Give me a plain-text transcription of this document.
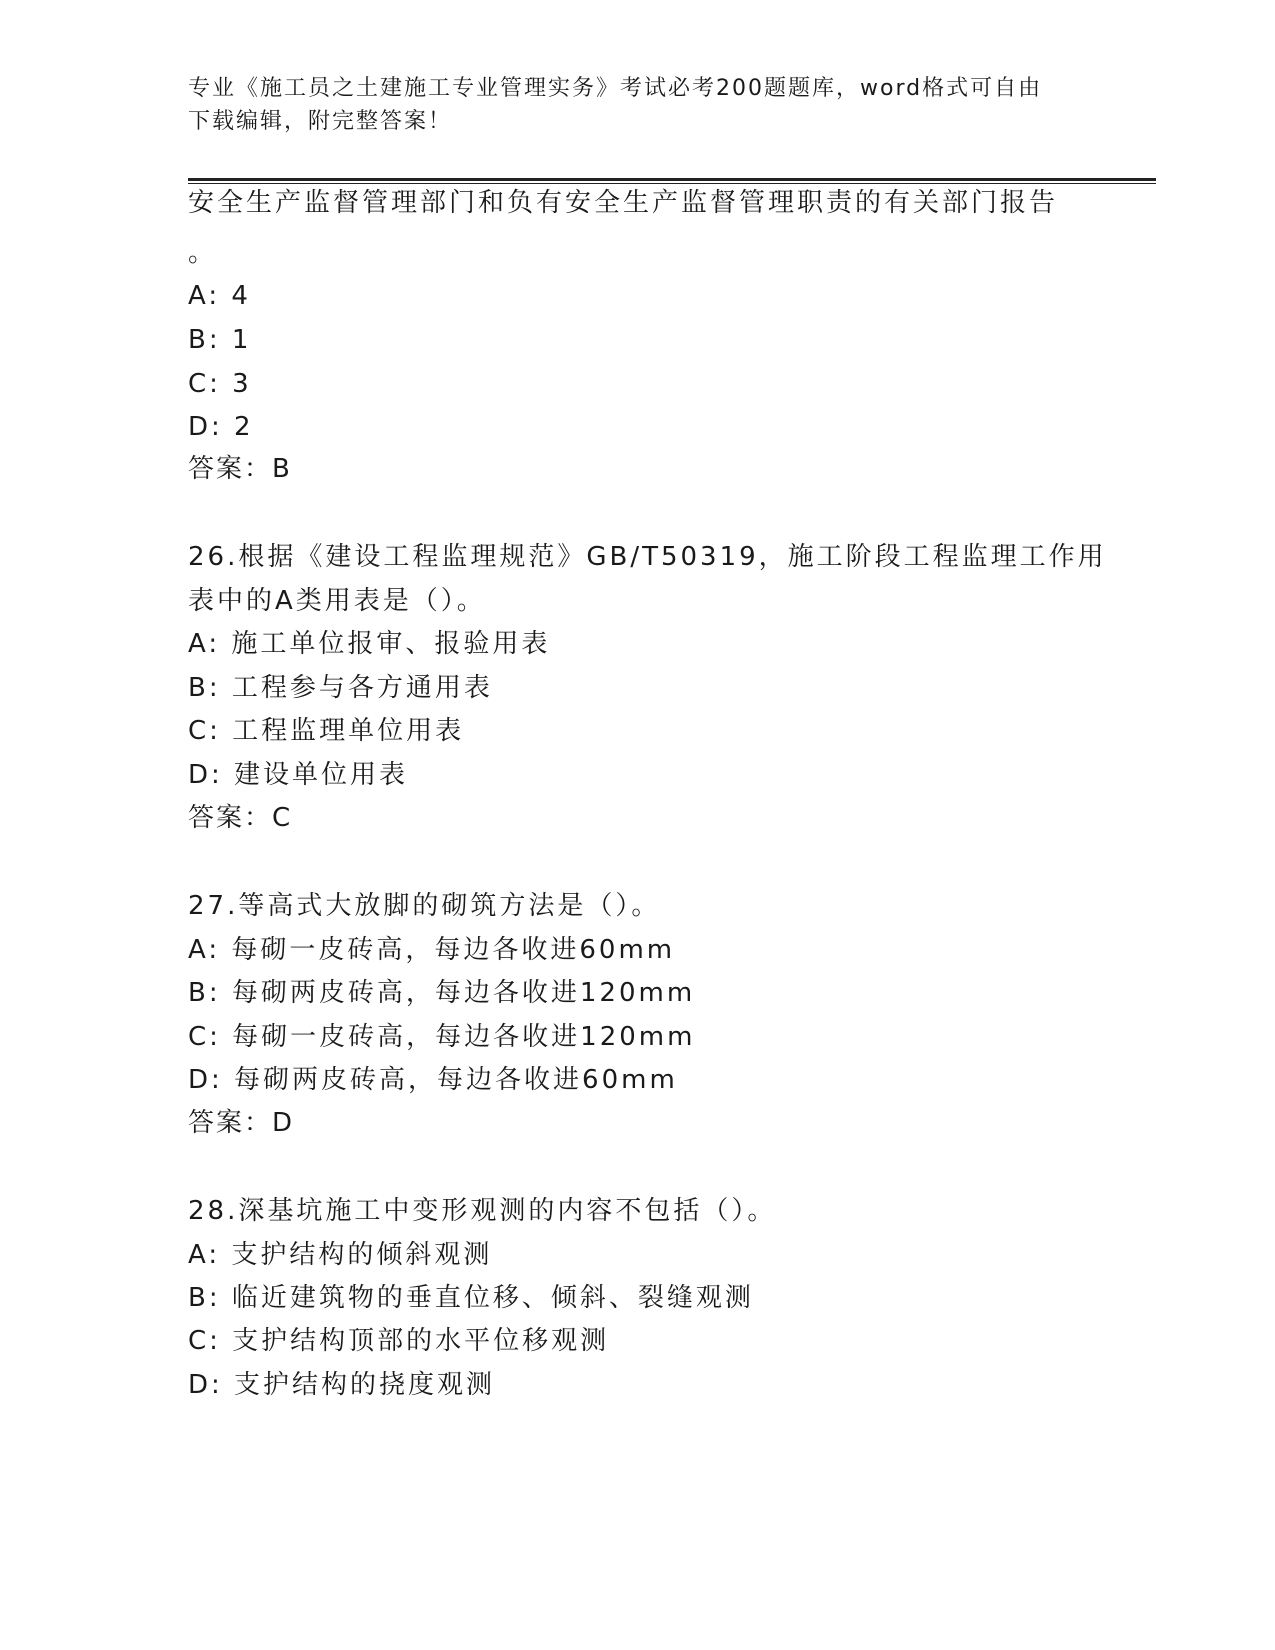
专业《施工员之土建施工专业管理实务》考试必考200题题库，word格式可自由
下载编辑，附完整答案！
安全生产监督管理部门和负有安全生产监督管理职责的有关部门报告
。
A: 4
B: 1
C: 3
D: 2
答案：B
26.根据《建设工程监理规范》GB/T50319，施工阶段工程监理工作用
表中的A类用表是（）。
A: 施工单位报审、报验用表
B: 工程参与各方通用表
C: 工程监理单位用表
D: 建设单位用表
答案：C
27.等高式大放脚的砌筑方法是（）。
A: 每砌一皮砖高，每边各收进60mm
B: 每砌两皮砖高，每边各收进120mm
C: 每砌一皮砖高，每边各收进120mm
D: 每砌两皮砖高，每边各收进60mm
答案：D
28.深基坑施工中变形观测的内容不包括（）。
A: 支护结构的倾斜观测
B: 临近建筑物的垂直位移、倾斜、裂缝观测
C: 支护结构顶部的水平位移观测
D: 支护结构的挠度观测
